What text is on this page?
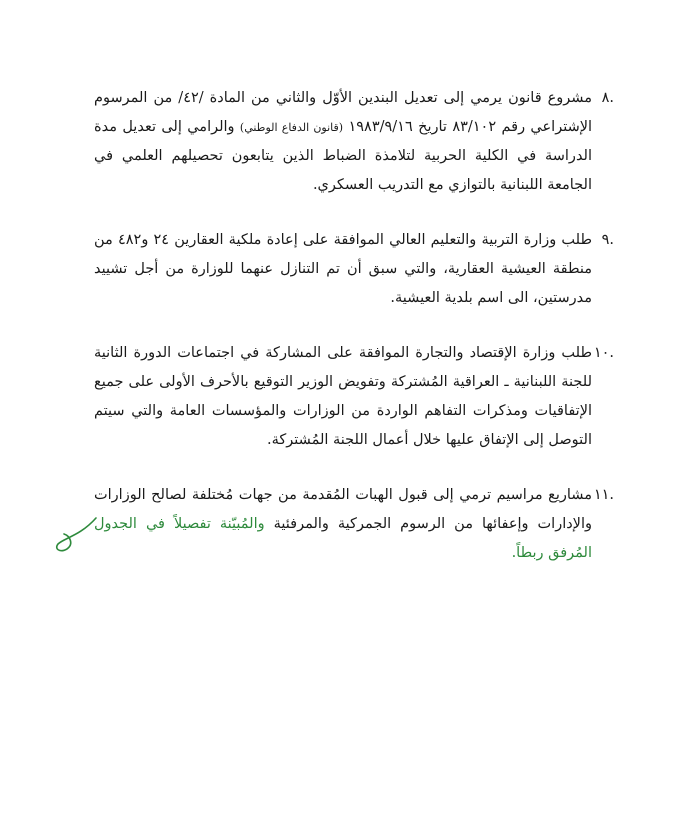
.٨
مشروع قانون يرمي إلى تعديل البندين الأوّل والثاني من المادة /٤٢/ من المرسوم الإشتراعي رقم ٨٣/١٠٢ تاريخ ١٩٨٣/٩/١٦ (قانون الدفاع الوطني) والرامي إلى تعديل مدة الدراسة في الكلية الحربية لتلامذة الضباط الذين يتابعون تحصيلهم العلمي في الجامعة اللبنانية بالتوازي مع التدريب العسكري.
.٩
طلب وزارة التربية والتعليم العالي الموافقة على إعادة ملكية العقارين ٢٤ و٤٨٢ من منطقة العيشية العقارية، والتي سبق أن تم التنازل عنهما للوزارة من أجل تشييد مدرستين، الى اسم بلدية العيشية.
.١٠
طلب وزارة الإقتصاد والتجارة الموافقة على المشاركة في اجتماعات الدورة الثانية للجنة اللبنانية ـ العراقية المُشتركة وتفويض الوزير التوقيع بالأحرف الأولى على جميع الإتفاقيات ومذكرات التفاهم الواردة من الوزارات والمؤسسات العامة والتي سيتم التوصل إلى الإتفاق عليها خلال أعمال اللجنة المُشتركة.
.١١
مشاريع مراسيم ترمي إلى قبول الهبات المُقدمة من جهات مُختلفة لصالح الوزارات والإدارات وإعفائها من الرسوم الجمركية والمرفئية والمُبيّنة تفصيلاً في الجدول المُرفق ربطاً.
